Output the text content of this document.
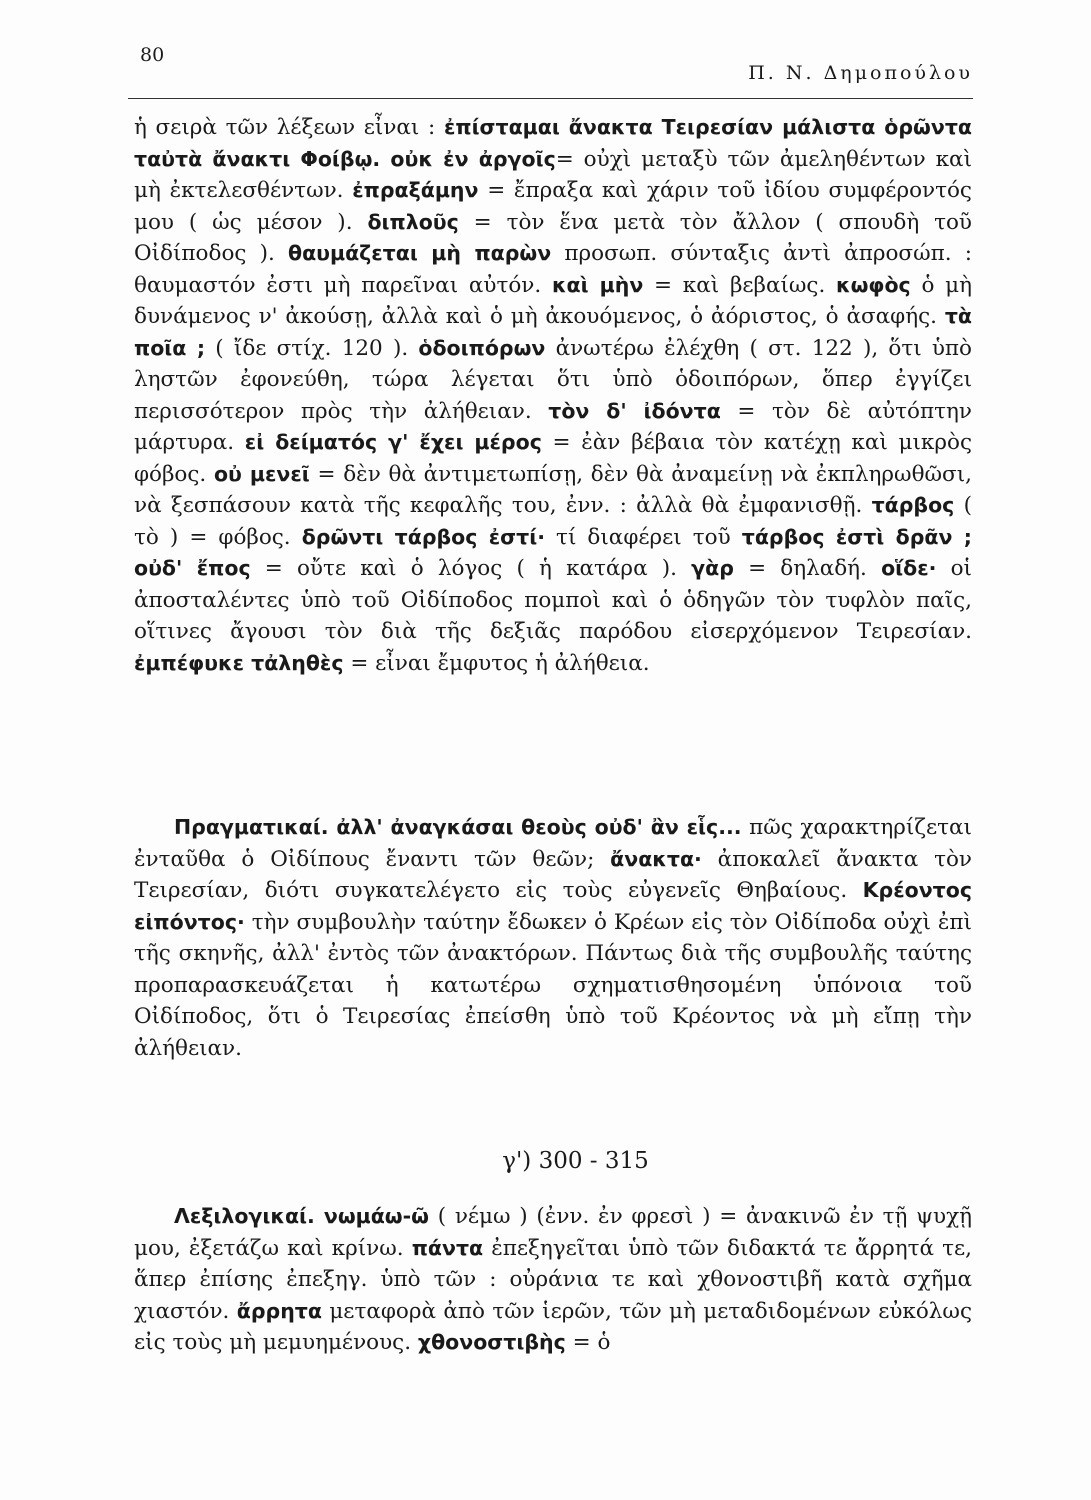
80
Π. Ν. Δημοπούλου
ἡ σειρὰ τῶν λέξεων εἶναι : ἐπίσταμαι ἄνακτα Τειρεσίαν μάλιστα ὁρῶντα ταὐτὰ ἄνακτι Φοίβῳ. οὐκ ἐν ἀργοῖς= οὐχὶ μεταξὺ τῶν ἀμεληθέντων καὶ μὴ ἐκτελεσθέντων. ἐπραξάμην = ἔπραξα καὶ χάριν τοῦ ἰδίου συμφέροντός μου ( ὡς μέσον ). διπλοῦς = τὸν ἕνα μετὰ τὸν ἄλλον ( σπουδὴ τοῦ Οἰδίποδος ). θαυμάζεται μὴ παρὼν προσωπ. σύνταξις ἀντὶ ἀπροσώπ. : θαυμαστόν ἐστι μὴ παρεῖναι αὐτόν. καὶ μὴν = καὶ βεβαίως. κωφὸς ὁ μὴ δυνάμενος ν' ἀκούσῃ, ἀλλὰ καὶ ὁ μὴ ἀκουόμενος, ὁ ἀόριστος, ὁ ἀσαφής. τὰ ποῖα ; ( ἴδε στίχ. 120 ). ὁδοιπόρων ἀνωτέρω ἐλέχθη ( στ. 122 ), ὅτι ὑπὸ ληστῶν ἐφονεύθη, τώρα λέγεται ὅτι ὑπὸ ὁδοιπόρων, ὅπερ ἐγγίζει περισσότερον πρὸς τὴν ἀλήθειαν. τὸν δ' ἰδόντα = τὸν δὲ αὐτόπτην μάρτυρα. εἰ δείματός γ' ἔχει μέρος = ἐὰν βέβαια τὸν κατέχῃ καὶ μικρὸς φόβος. οὐ μενεῖ = δὲν θὰ ἀντιμετωπίσῃ, δὲν θὰ ἀναμείνῃ νὰ ἐκπληρωθῶσι, νὰ ξεσπάσουν κατὰ τῆς κεφαλῆς του, ἐνν. : ἀλλὰ θὰ ἐμφανισθῇ. τάρβος ( τὸ ) = φόβος. δρῶντι τάρβος ἐστί· τί διαφέρει τοῦ τάρβος ἐστὶ δρᾶν ; οὐδ' ἔπος = οὔτε καὶ ὁ λόγος ( ἡ κατάρα ). γὰρ = δηλαδή. οἵδε· οἱ ἀποσταλέντες ὑπὸ τοῦ Οἰδίποδος πομποὶ καὶ ὁ ὁδηγῶν τὸν τυφλὸν παῖς, οἵτινες ἄγουσι τὸν διὰ τῆς δεξιᾶς παρόδου εἰσερχόμενον Τειρεσίαν. ἐμπέφυκε τἀληθὲς = εἶναι ἔμφυτος ἡ ἀλήθεια.
Πραγματικαί. ἀλλ' ἀναγκάσαι θεοὺς οὐδ' ἂν εἷς... πῶς χαρακτηρίζεται ἐνταῦθα ὁ Οἰδίπους ἔναντι τῶν θεῶν; ἄνακτα· ἀποκαλεῖ ἄνακτα τὸν Τειρεσίαν, διότι συγκατελέγετο εἰς τοὺς εὐγενεῖς Θηβαίους. Κρέοντος εἰπόντος· τὴν συμβουλὴν ταύτην ἔδωκεν ὁ Κρέων εἰς τὸν Οἰδίποδα οὐχὶ ἐπὶ τῆς σκηνῆς, ἀλλ' ἐντὸς τῶν ἀνακτόρων. Πάντως διὰ τῆς συμβουλῆς ταύτης προπαρασκευάζεται ἡ κατωτέρω σχηματισθησομένη ὑπόνοια τοῦ Οἰδίποδος, ὅτι ὁ Τειρεσίας ἐπείσθη ὑπὸ τοῦ Κρέοντος νὰ μὴ εἴπῃ τὴν ἀλήθειαν.
γ') 300 - 315
Λεξιλογικαί. νωμάω-ῶ ( νέμω ) (ἐνν. ἐν φρεσὶ ) = ἀνακινῶ ἐν τῇ ψυχῇ μου, ἐξετάζω καὶ κρίνω. πάντα ἐπεξηγεῖται ὑπὸ τῶν διδακτά τε ἄρρητά τε, ἅπερ ἐπίσης ἐπεξηγ. ὑπὸ τῶν : οὐράνια τε καὶ χθονοστιβῆ κατὰ σχῆμα χιαστόν. ἄρρητα μεταφορὰ ἀπὸ τῶν ἱερῶν, τῶν μὴ μεταδιδομένων εὐκόλως εἰς τοὺς μὴ μεμυημένους. χθονοστιβὴς = ὁ
